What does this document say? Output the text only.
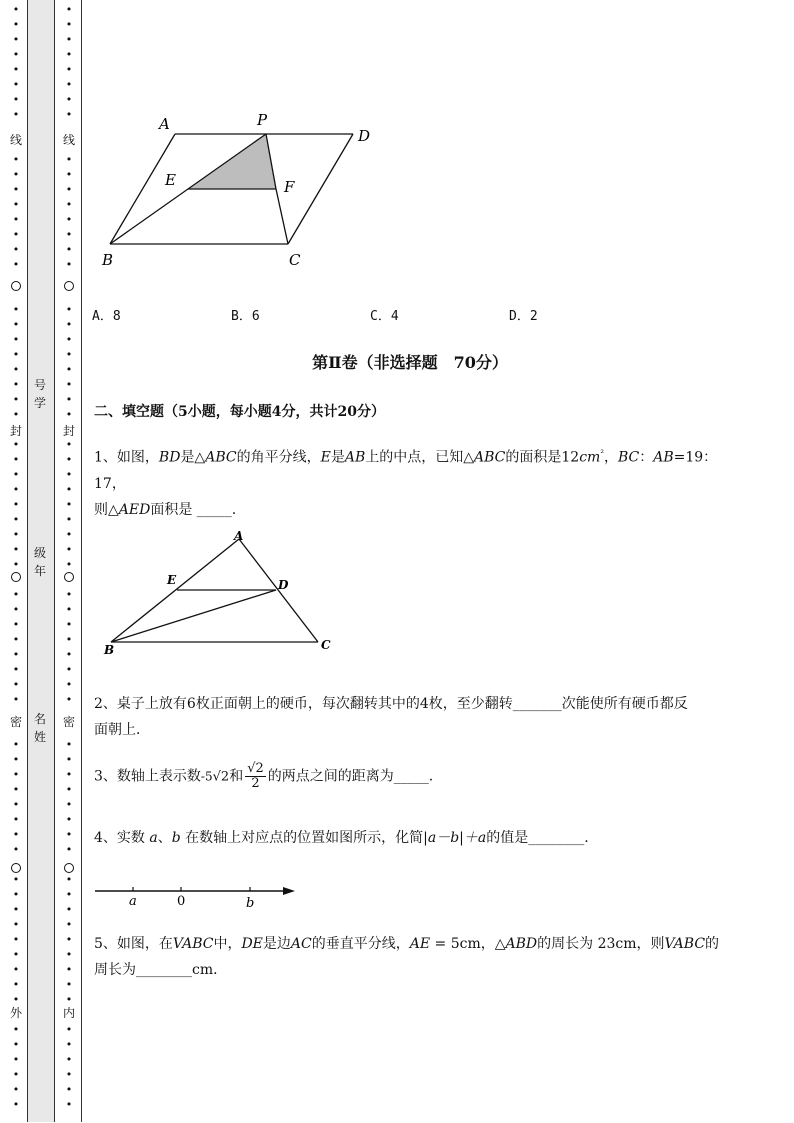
•
•
•
•
•
•
•
•
•
•
•
•
•
•
•
•
•
•
•
•
•
•
•
•
•
•
•
•
•
•
•
•
•
•
•
•
•
•
•
•
•
•
•
•
•
•
•
•
•
•
•
•
•
•
•
•
•
•
•
•
•
•
•
•
线
封
密
外
•
•
•
•
•
•
•
•
•
•
•
•
•
•
•
•
•
•
•
•
•
•
•
•
•
•
•
•
•
•
•
•
•
•
•
•
•
•
•
•
•
•
•
•
•
•
•
•
•
•
•
•
•
•
•
•
•
•
•
•
•
•
•
•
线
封
密
内
号
学
级
年
名
姓
A	P
D
E	F
B	C
A．8	B．6	C．4	D．2
第Ⅱ卷（非选择题　70分）
二、填空题（5小题，每小题4分，共计20分）
1、如图，BD是△ABC的角平分线，E是AB上的中点，已知△ABC的面积是$12cm^{^2}$，BC：AB=19：17，
则△AED面积是 _____.
A
E	D
B	C
2、桌子上放有6枚正面朝上的硬币，每次翻转其中的4枚，至少翻转_______次能使所有硬币都反
面朝上．
3、数轴上表示数-5√2和 $\frac{√2}{2}$ 的两点之间的距离为_____.
4、实数 a、b 在数轴上对应点的位置如图所示，化简|a－b|＋a的值是________.
a	0	b
5、如图，在VABC中，DE是边AC的垂直平分线，AE = 5cm，△ABD的周长为 23cm，则VABC的
周长为________cm．
